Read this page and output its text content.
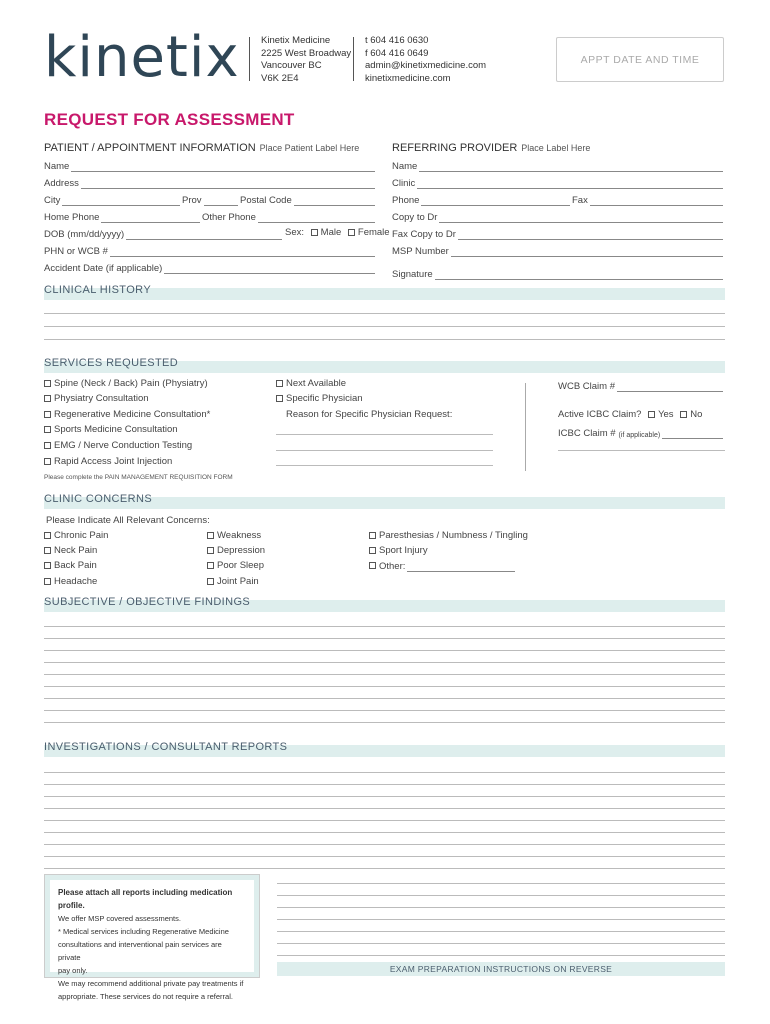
kinetix Kinetix Medicine
2225 West Broadway
Vancouver BC
V6K 2E4
t 604 416 0630
f 604 416 0649
admin@kinetixmedicine.com
kinetixmedicine.com
APPT DATE AND TIME
REQUEST FOR ASSESSMENT
PATIENT / APPOINTMENT INFORMATION Place Patient Label Here
Name
Address
City	Prov	Postal Code
Home Phone	Other Phone
DOB (mm/dd/yyyy)	Sex: Male Female
PHN or WCB #
Accident Date (if applicable)
REFERRING PROVIDER Place Label Here
Name
Clinic
Phone	Fax
Copy to Dr
Fax Copy to Dr
MSP Number
Signature
CLINICAL HISTORY
SERVICES REQUESTED
Spine (Neck / Back) Pain (Physiatry)
Physiatry Consultation
Regenerative Medicine Consultation*
Sports Medicine Consultation
EMG / Nerve Conduction Testing
Rapid Access Joint Injection
Please complete the PAIN MANAGEMENT REQUISITION FORM
Next Available
Specific Physician
Reason for Specific Physician Request:
WCB Claim #
Active ICBC Claim? Yes No
ICBC Claim # (if applicable)
CLINIC CONCERNS
Please Indicate All Relevant Concerns:
Chronic Pain
Neck Pain
Back Pain
Headache
Weakness
Depression
Poor Sleep
Joint Pain
Paresthesias / Numbness / Tingling
Sport Injury
Other:
SUBJECTIVE / OBJECTIVE FINDINGS
INVESTIGATIONS / CONSULTANT REPORTS
Please attach all reports including medication profile.
We offer MSP covered assessments.
* Medical services including Regenerative Medicine
consultations and interventional pain services are private
pay only.
We may recommend additional private pay treatments if
appropriate. These services do not require a referral.
EXAM PREPARATION INSTRUCTIONS ON REVERSE
